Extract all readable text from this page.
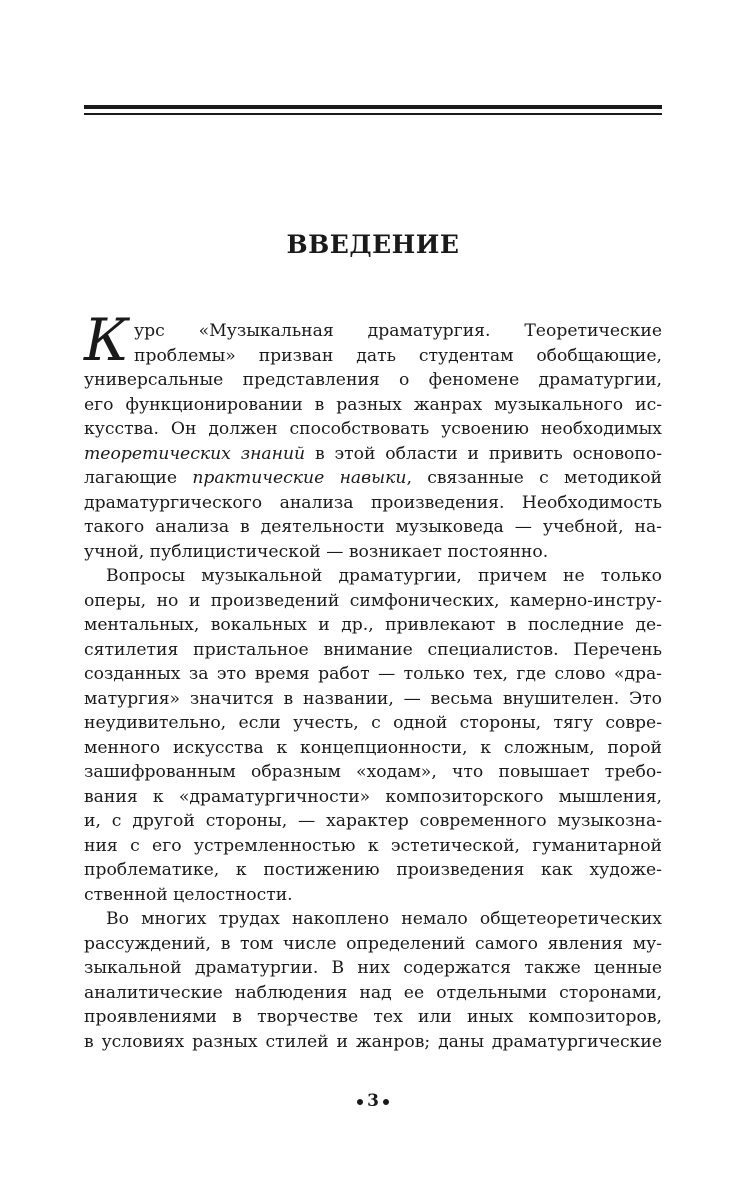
ВВЕДЕНИЕ
К урс «Музыкальная драматургия. Теоретические
проблемы» призван дать студентам обобщающие,
универсальные представления о феномене драматургии,
его функционировании в разных жанрах музыкального ис-
кусства. Он должен способствовать усвоению необходимых
теоретических знаний в этой области и привить основопо-
лагающие практические навыки, связанные с методикой
драматургического анализа произведения. Необходимость
такого анализа в деятельности музыковеда — учебной, на-
учной, публицистической — возникает постоянно.
Вопросы музыкальной драматургии, причем не только
оперы, но и произведений симфонических, камерно-инстру-
ментальных, вокальных и др., привлекают в последние де-
сятилетия пристальное внимание специалистов. Перечень
созданных за это время работ — только тех, где слово «дра-
матургия» значится в названии, — весьма внушителен. Это
неудивительно, если учесть, с одной стороны, тягу совре-
менного искусства к концепционности, к сложным, порой
зашифрованным образным «ходам», что повышает требо-
вания к «драматургичности» композиторского мышления,
и, с другой стороны, — характер современного музыкозна-
ния с его устремленностью к эстетической, гуманитарной
проблематике, к постижению произведения как художе-
ственной целостности.
Во многих трудах накоплено немало общетеоретических
рассуждений, в том числе определений самого явления му-
зыкальной драматургии. В них содержатся также ценные
аналитические наблюдения над ее отдельными сторонами,
проявлениями в творчестве тех или иных композиторов,
в условиях разных стилей и жанров; даны драматургические
3
